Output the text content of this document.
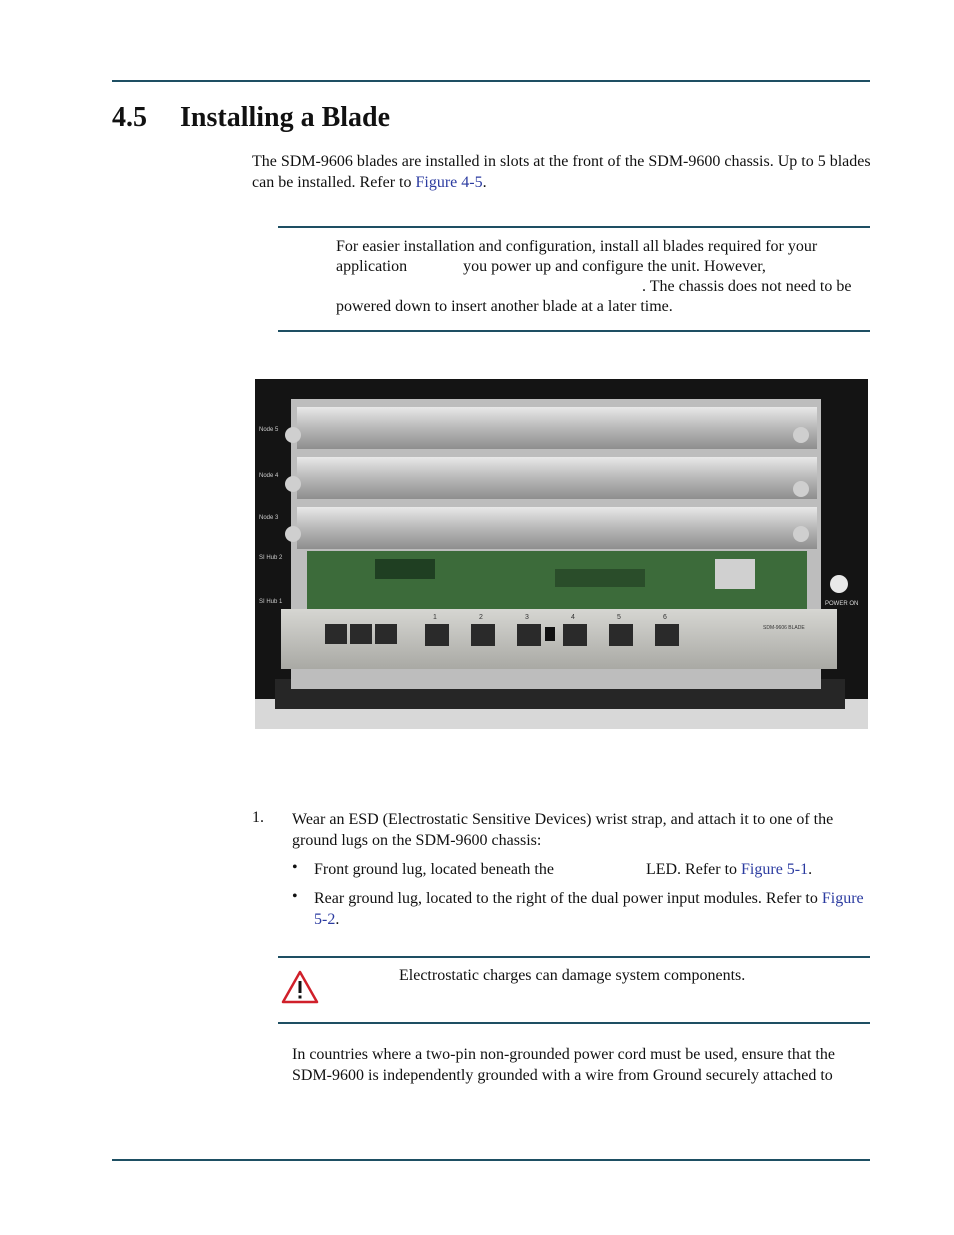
4.5 Installing a Blade
The SDM-9606 blades are installed in slots at the front of the SDM-9600 chassis. Up to 5 blades can be installed. Refer to Figure 4-5.
For easier installation and configuration, install all blades required for your
application	you power up and configure the unit. However,
. The chassis does not need to be
powered down to insert another blade at a later time.
1	2	3	4	5	6
SDM-9606 BLADE
POWER ON
Node 5
Node 4
Node 3
SI Hub 2
SI Hub 1
1. Wear an ESD (Electrostatic Sensitive Devices) wrist strap, and attach it to one of the ground lugs on the SDM-9600 chassis:
• Front ground lug, located beneath the	LED. Refer to Figure 5-1.
• Rear ground lug, located to the right of the dual power input modules. Refer to Figure 5-2.
Electrostatic charges can damage system components.
In countries where a two-pin non-grounded power cord must be used, ensure that the SDM-9600 is independently grounded with a wire from Ground securely attached to
